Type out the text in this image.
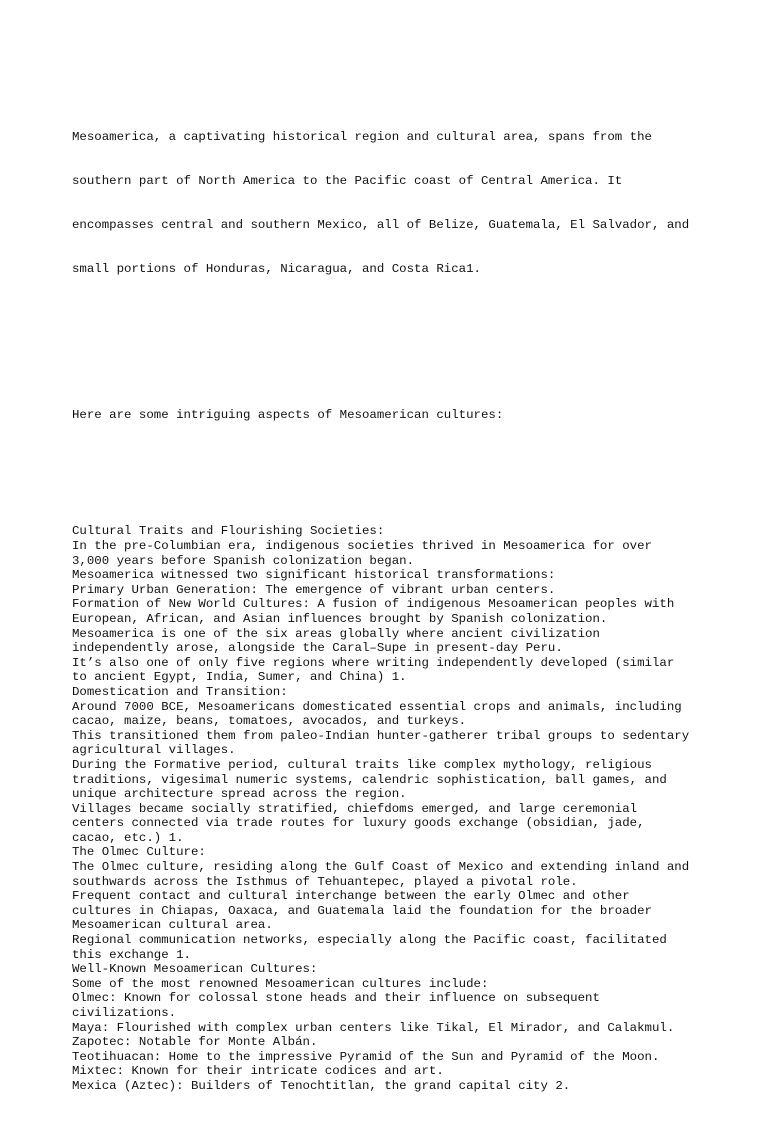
Mesoamerica, a captivating historical region and cultural area, spans from the

southern part of North America to the Pacific coast of Central America. It

encompasses central and southern Mexico, all of Belize, Guatemala, El Salvador, and

small portions of Honduras, Nicaragua, and Costa Rica1.

Here are some intriguing aspects of Mesoamerican cultures:

Cultural Traits and Flourishing Societies:
In the pre-Columbian era, indigenous societies thrived in Mesoamerica for over
3,000 years before Spanish colonization began.
Mesoamerica witnessed two significant historical transformations:
Primary Urban Generation: The emergence of vibrant urban centers.
Formation of New World Cultures: A fusion of indigenous Mesoamerican peoples with
European, African, and Asian influences brought by Spanish colonization.
Mesoamerica is one of the six areas globally where ancient civilization
independently arose, alongside the Caral–Supe in present-day Peru.
It’s also one of only five regions where writing independently developed (similar
to ancient Egypt, India, Sumer, and China) 1.
Domestication and Transition:
Around 7000 BCE, Mesoamericans domesticated essential crops and animals, including
cacao, maize, beans, tomatoes, avocados, and turkeys.
This transitioned them from paleo-Indian hunter-gatherer tribal groups to sedentary
agricultural villages.
During the Formative period, cultural traits like complex mythology, religious
traditions, vigesimal numeric systems, calendric sophistication, ball games, and
unique architecture spread across the region.
Villages became socially stratified, chiefdoms emerged, and large ceremonial
centers connected via trade routes for luxury goods exchange (obsidian, jade,
cacao, etc.) 1.
The Olmec Culture:
The Olmec culture, residing along the Gulf Coast of Mexico and extending inland and
southwards across the Isthmus of Tehuantepec, played a pivotal role.
Frequent contact and cultural interchange between the early Olmec and other
cultures in Chiapas, Oaxaca, and Guatemala laid the foundation for the broader
Mesoamerican cultural area.
Regional communication networks, especially along the Pacific coast, facilitated
this exchange 1.
Well-Known Mesoamerican Cultures:
Some of the most renowned Mesoamerican cultures include:
Olmec: Known for colossal stone heads and their influence on subsequent
civilizations.
Maya: Flourished with complex urban centers like Tikal, El Mirador, and Calakmul.
Zapotec: Notable for Monte Albán.
Teotihuacan: Home to the impressive Pyramid of the Sun and Pyramid of the Moon.
Mixtec: Known for their intricate codices and art.
Mexica (Aztec): Builders of Tenochtitlan, the grand capital city 2.
